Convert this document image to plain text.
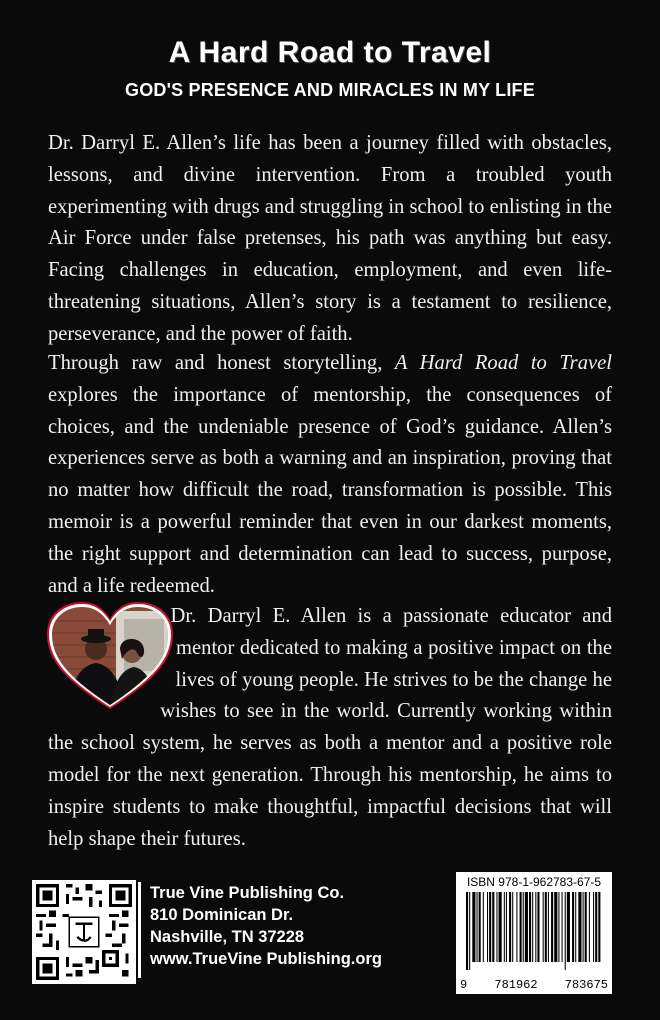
A Hard Road to Travel
GOD'S PRESENCE AND MIRACLES IN MY LIFE

Dr. Darryl E. Allen’s life has been a journey filled with obstacles, lessons, and divine intervention. From a troubled youth experimenting with drugs and struggling in school to enlisting in the Air Force under false pretenses, his path was anything but easy. Facing challenges in education, employment, and even life-threatening situations, Allen’s story is a testament to resilience, perseverance, and the power of faith.

Through raw and honest storytelling, A Hard Road to Travel explores the importance of mentorship, the consequences of choices, and the undeniable presence of God’s guidance. Allen’s experiences serve as both a warning and an inspiration, proving that no matter how difficult the road, transformation is possible. This memoir is a powerful reminder that even in our darkest moments, the right support and determination can lead to success, purpose, and a life redeemed.

Dr. Darryl E. Allen is a passionate educator and mentor dedicated to making a positive impact on the lives of young people. He strives to be the change he wishes to see in the world. Currently working within the school system, he serves as both a mentor and a positive role model for the next generation. Through his mentorship, he aims to inspire students to make thoughtful, impactful decisions that will help shape their futures.
True Vine Publishing Co.
810 Dominican Dr.
Nashville, TN 37228
www.TrueVine Publishing.org
ISBN 978-1-962783-67-5
9 781962 783675
